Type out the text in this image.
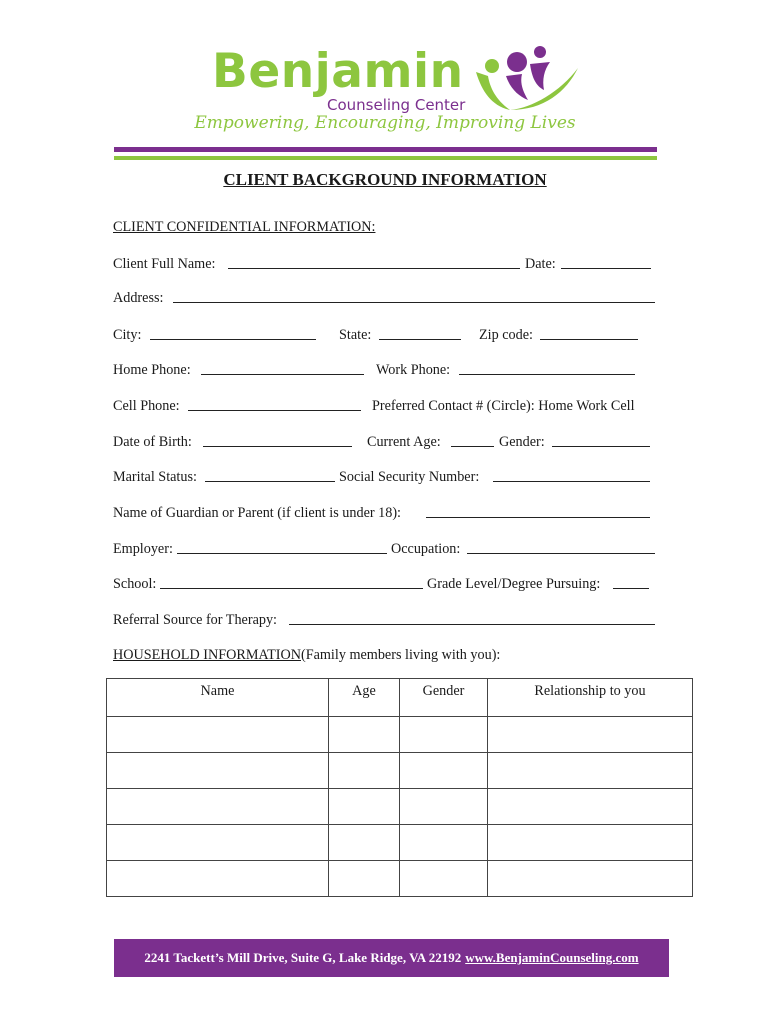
Benjamin
Counseling Center
Empowering, Encouraging, Improving Lives
CLIENT BACKGROUND INFORMATION
CLIENT CONFIDENTIAL INFORMATION:
Client Full Name:	Date:
Address:
City:	State:	Zip code:
Home Phone:	Work Phone:
Cell Phone:	Preferred Contact # (Circle): Home Work Cell
Date of Birth:	Current Age:	Gender:
Marital Status:	Social Security Number:
Name of Guardian or Parent (if client is under 18):
Employer:	Occupation:
School:	Grade Level/Degree Pursuing:
Referral Source for Therapy:
HOUSEHOLD INFORMATION(Family members living with you):
Name	Age	Gender	Relationship to you

2241 Tackett’s Mill Drive, Suite G, Lake Ridge, VA 22192 www.BenjaminCounseling.com
